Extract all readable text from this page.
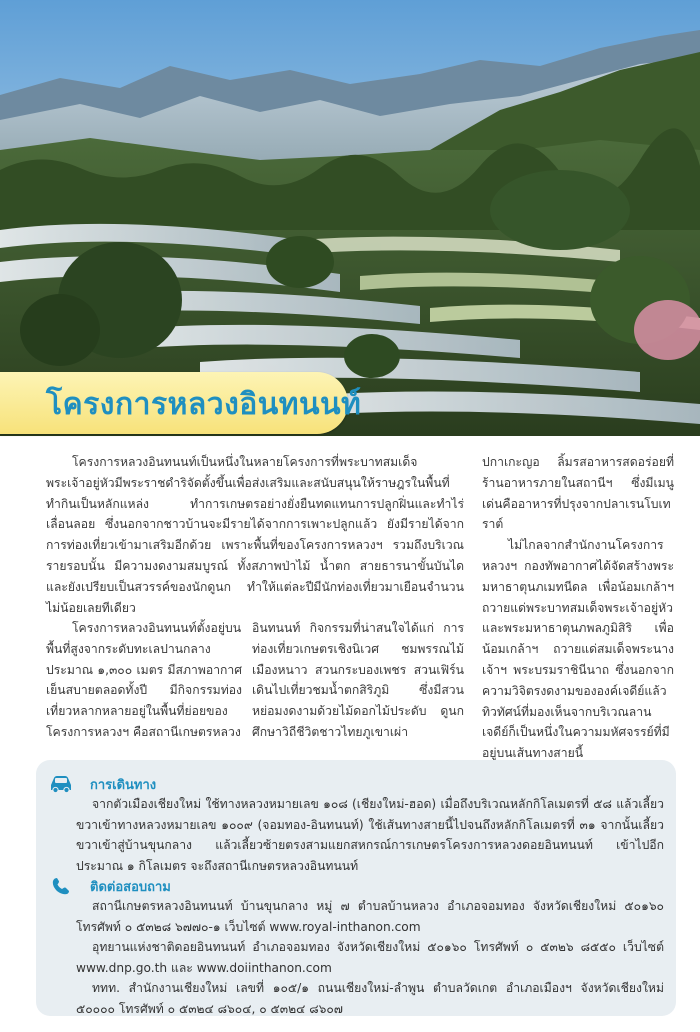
โครงการหลวงอินทนนท์

โครงการหลวงอินทนนท์เป็นหนึ่งในหลายโครงการที่พระบาทสมเด็จพระเจ้าอยู่หัวมีพระราชดำริจัดตั้งขึ้นเพื่อส่งเสริมและสนับสนุนให้ราษฎรในพื้นที่ทำกินเป็นหลักแหล่ง ทำการเกษตรอย่างยั่งยืนทดแทนการปลูกฝิ่นและทำไร่เลื่อนลอย ซึ่งนอกจากชาวบ้านจะมีรายได้จากการเพาะปลูกแล้ว ยังมีรายได้จากการท่องเที่ยวเข้ามาเสริมอีกด้วย เพราะพื้นที่ของโครงการหลวงฯ รวมถึงบริเวณรายรอบนั้น มีความงดงามสมบูรณ์ ทั้งสภาพป่าไม้ น้ำตก สายธารนาขั้นบันได และยังเปรียบเป็นสวรรค์ของนักดูนก ทำให้แต่ละปีมีนักท่องเที่ยวมาเยือนจำนวนไม่น้อยเลยทีเดียว

โครงการหลวงอินทนนท์ตั้งอยู่บนพื้นที่สูงจากระดับทะเลปานกลางประมาณ ๑,๓๐๐ เมตร มีสภาพอากาศเย็นสบายตลอดทั้งปี มีกิจกรรมท่องเที่ยวหลากหลายอยู่ในพื้นที่ย่อยของโครงการหลวงฯ คือสถานีเกษตรหลวง

อินทนนท์ กิจกรรมที่น่าสนใจได้แก่ การท่องเที่ยวเกษตรเชิงนิเวศ ชมพรรณไม้เมืองหนาว สวนกระบองเพชร สวนเฟิร์น เดินไปเที่ยวชมน้ำตกสิริภูมิ ซึ่งมีสวนหย่อมงดงามด้วยไม้ดอกไม้ประดับ ดูนก ศึกษาวิถีชีวิตชาวไทยภูเขาเผ่า

ปกาเกะญอ ลิ้มรสอาหารสดอร่อยที่ร้านอาหารภายในสถานีฯ ซึ่งมีเมนูเด่นคืออาหารที่ปรุงจากปลาเรนโบเทราต์

ไม่ไกลจากสำนักงานโครงการหลวงฯ กองทัพอากาศได้จัดสร้างพระมหาธาตุนภเมทนีดล เพื่อน้อมเกล้าฯ ถวายแด่พระบาทสมเด็จพระเจ้าอยู่หัว และพระมหาธาตุนภพลภูมิสิริ เพื่อน้อมเกล้าฯ ถวายแด่สมเด็จพระนางเจ้าฯ พระบรมราชินีนาถ ซึ่งนอกจากความวิจิตรงดงามขององค์เจดีย์แล้ว ทิวทัศน์ที่มองเห็นจากบริเวณลานเจดีย์ก็เป็นหนึ่งในความมหัศจรรย์ที่มีอยู่บนเส้นทางสายนี้

การเดินทาง

จากตัวเมืองเชียงใหม่ ใช้ทางหลวงหมายเลข ๑๐๘ (เชียงใหม่-ฮอด) เมื่อถึงบริเวณหลักกิโลเมตรที่ ๕๘ แล้วเลี้ยวขวาเข้าทางหลวงหมายเลข ๑๐๐๙ (จอมทอง-อินทนนท์) ใช้เส้นทางสายนี้ไปจนถึงหลักกิโลเมตรที่ ๓๑ จากนั้นเลี้ยวขวาเข้าสู่บ้านขุนกลาง แล้วเลี้ยวซ้ายตรงสามแยกสหกรณ์การเกษตรโครงการหลวงดอยอินทนนท์ เข้าไปอีกประมาณ ๑ กิโลเมตร จะถึงสถานีเกษตรหลวงอินทนนท์

ติดต่อสอบถาม

สถานีเกษตรหลวงอินทนนท์ บ้านขุนกลาง หมู่ ๗ ตำบลบ้านหลวง อำเภอจอมทอง จังหวัดเชียงใหม่ ๕๐๑๖๐ โทรศัพท์ ๐ ๕๓๒๘ ๖๗๗๐-๑ เว็บไซต์ www.royal-inthanon.com

อุทยานแห่งชาติดอยอินทนนท์ อำเภอจอมทอง จังหวัดเชียงใหม่ ๕๐๑๖๐ โทรศัพท์ ๐ ๕๓๒๖ ๘๕๕๐ เว็บไซต์ www.dnp.go.th และ www.doiinthanon.com

ททท. สำนักงานเชียงใหม่ เลขที่ ๑๐๕/๑ ถนนเชียงใหม่-ลำพูน ตำบลวัดเกต อำเภอเมืองฯ จังหวัดเชียงใหม่ ๕๐๐๐๐ โทรศัพท์ ๐ ๕๓๒๔ ๘๖๐๔, ๐ ๕๓๒๔ ๘๖๐๗
